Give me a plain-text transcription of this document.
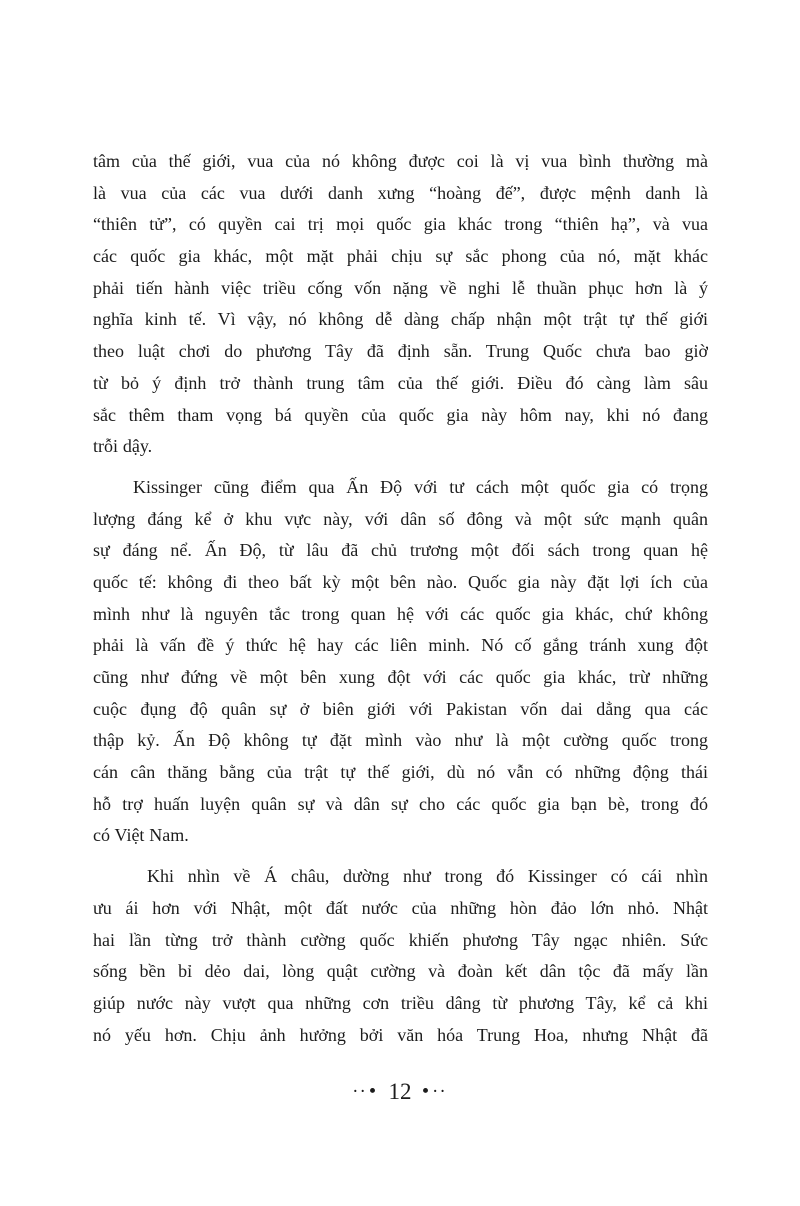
tâm của thế giới, vua của nó không được coi là vị vua bình thường mà
là vua của các vua dưới danh xưng “hoàng đế”, được mệnh danh là
“thiên tử”, có quyền cai trị mọi quốc gia khác trong “thiên hạ”, và vua
các quốc gia khác, một mặt phải chịu sự sắc phong của nó, mặt khác
phải tiến hành việc triều cống vốn nặng về nghi lễ thuần phục hơn là ý
nghĩa kinh tế. Vì vậy, nó không dễ dàng chấp nhận một trật tự thế giới
theo luật chơi do phương Tây đã định sẵn. Trung Quốc chưa bao giờ
từ bỏ ý định trở thành trung tâm của thế giới. Điều đó càng làm sâu
sắc thêm tham vọng bá quyền của quốc gia này hôm nay, khi nó đang
trỗi dậy.
Kissinger cũng điểm qua Ấn Độ với tư cách một quốc gia có trọng
lượng đáng kể ở khu vực này, với dân số đông và một sức mạnh quân
sự đáng nể. Ấn Độ, từ lâu đã chủ trương một đối sách trong quan hệ
quốc tế: không đi theo bất kỳ một bên nào. Quốc gia này đặt lợi ích của
mình như là nguyên tắc trong quan hệ với các quốc gia khác, chứ không
phải là vấn đề ý thức hệ hay các liên minh. Nó cố gắng tránh xung đột
cũng như đứng về một bên xung đột với các quốc gia khác, trừ những
cuộc đụng độ quân sự ở biên giới với Pakistan vốn dai dẳng qua các
thập kỷ. Ấn Độ không tự đặt mình vào như là một cường quốc trong
cán cân thăng bằng của trật tự thế giới, dù nó vẫn có những động thái
hỗ trợ huấn luyện quân sự và dân sự cho các quốc gia bạn bè, trong đó
có Việt Nam.
Khi nhìn về Á châu, dường như trong đó Kissinger có cái nhìn
ưu ái hơn với Nhật, một đất nước của những hòn đảo lớn nhỏ. Nhật
hai lần từng trở thành cường quốc khiến phương Tây ngạc nhiên. Sức
sống bền bỉ dẻo dai, lòng quật cường và đoàn kết dân tộc đã mấy lần
giúp nước này vượt qua những cơn triều dâng từ phương Tây, kể cả khi
nó yếu hơn. Chịu ảnh hưởng bởi văn hóa Trung Hoa, nhưng Nhật đã
··• 12 •··
